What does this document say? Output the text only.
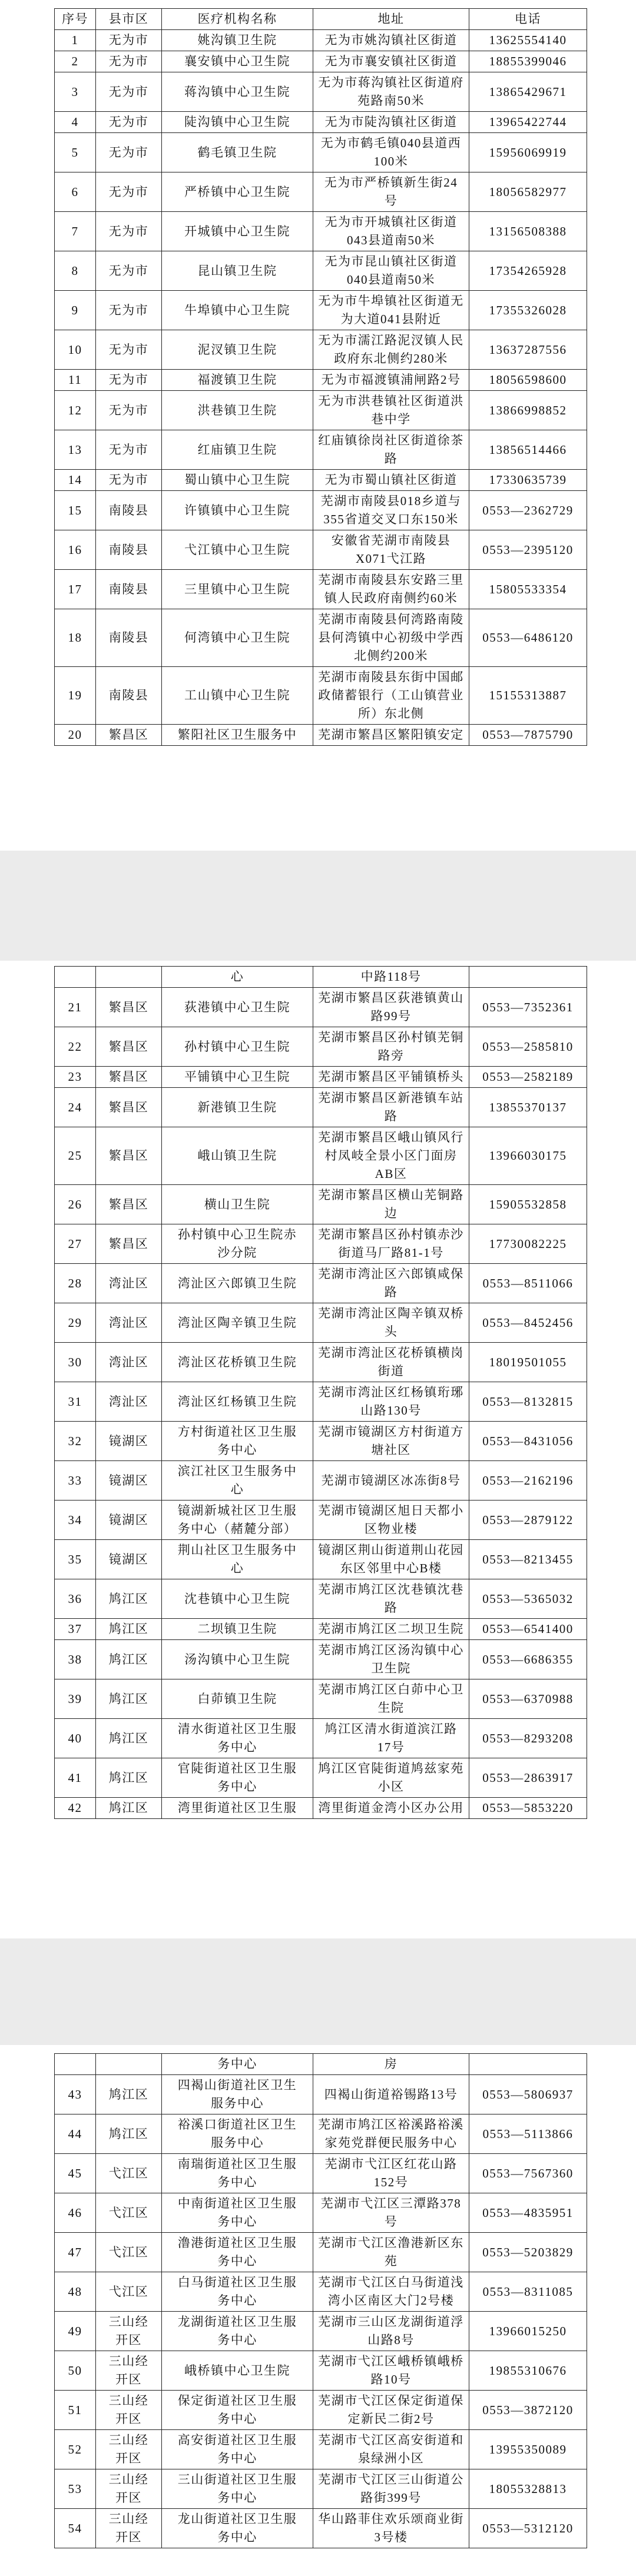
序号	县市区	医疗机构名称	地址	电话
1	无为市	姚沟镇卫生院	无为市姚沟镇社区街道	13625554140
2	无为市	襄安镇中心卫生院	无为市襄安镇社区街道	18855399046
3	无为市	蒋沟镇中心卫生院	无为市蒋沟镇社区街道府苑路南50米	13865429671
4	无为市	陡沟镇中心卫生院	无为市陡沟镇社区街道	13965422744
5	无为市	鹤毛镇卫生院	无为市鹤毛镇040县道西100米	15956069919
6	无为市	严桥镇中心卫生院	无为市严桥镇新生街24号	18056582977
7	无为市	开城镇中心卫生院	无为市开城镇社区街道043县道南50米	13156508388
8	无为市	昆山镇卫生院	无为市昆山镇社区街道040县道南50米	17354265928
9	无为市	牛埠镇中心卫生院	无为市牛埠镇社区街道无为大道041县附近	17355326028
10	无为市	泥汊镇卫生院	无为市濡江路泥汊镇人民政府东北侧约280米	13637287556
11	无为市	福渡镇卫生院	无为市福渡镇浦闸路2号	18056598600
12	无为市	洪巷镇卫生院	无为市洪巷镇社区街道洪巷中学	13866998852
13	无为市	红庙镇卫生院	红庙镇徐岗社区街道徐茶路	13856514466
14	无为市	蜀山镇中心卫生院	无为市蜀山镇社区街道	17330635739
15	南陵县	许镇镇中心卫生院	芜湖市南陵县018乡道与355省道交叉口东150米	0553—2362729
16	南陵县	弋江镇中心卫生院	安徽省芜湖市南陵县X071弋江路	0553—2395120
17	南陵县	三里镇中心卫生院	芜湖市南陵县东安路三里镇人民政府南侧约60米	15805533354
18	南陵县	何湾镇中心卫生院	芜湖市南陵县何湾路南陵县何湾镇中心初级中学西北侧约200米	0553—6486120
19	南陵县	工山镇中心卫生院	芜湖市南陵县东街中国邮政储蓄银行（工山镇营业所）东北侧	15155313887
20	繁昌区	繁阳社区卫生服务中	芜湖市繁昌区繁阳镇安定	0553—7875790
		心	中路118号	
21	繁昌区	荻港镇中心卫生院	芜湖市繁昌区荻港镇黄山路99号	0553—7352361
22	繁昌区	孙村镇中心卫生院	芜湖市繁昌区孙村镇芜铜路旁	0553—2585810
23	繁昌区	平铺镇中心卫生院	芜湖市繁昌区平铺镇桥头	0553—2582189
24	繁昌区	新港镇卫生院	芜湖市繁昌区新港镇车站路	13855370137
25	繁昌区	峨山镇卫生院	芜湖市繁昌区峨山镇风行村凤岐全景小区门面房AB区	13966030175
26	繁昌区	横山卫生院	芜湖市繁昌区横山芜铜路边	15905532858
27	繁昌区	孙村镇中心卫生院赤沙分院	芜湖市繁昌区孙村镇赤沙街道马厂路81-1号	17730082225
28	湾沚区	湾沚区六郎镇卫生院	芜湖市湾沚区六郎镇咸保路	0553—8511066
29	湾沚区	湾沚区陶辛镇卫生院	芜湖市湾沚区陶辛镇双桥头	0553—8452456
30	湾沚区	湾沚区花桥镇卫生院	芜湖市湾沚区花桥镇横岗街道	18019501055
31	湾沚区	湾沚区红杨镇卫生院	芜湖市湾沚区红杨镇珩琊山路130号	0553—8132815
32	镜湖区	方村街道社区卫生服务中心	芜湖市镜湖区方村街道方塘社区	0553—8431056
33	镜湖区	滨江社区卫生服务中心	芜湖市镜湖区冰冻街8号	0553—2162196
34	镜湖区	镜湖新城社区卫生服务中心（赭麓分部）	芜湖市镜湖区旭日天都小区物业楼	0553—2879122
35	镜湖区	荆山社区卫生服务中心	镜湖区荆山街道荆山花园东区邻里中心B楼	0553—8213455
36	鸠江区	沈巷镇中心卫生院	芜湖市鸠江区沈巷镇沈巷路	0553—5365032
37	鸠江区	二坝镇卫生院	芜湖市鸠江区二坝卫生院	0553—6541400
38	鸠江区	汤沟镇中心卫生院	芜湖市鸠江区汤沟镇中心卫生院	0553—6686355
39	鸠江区	白茆镇卫生院	芜湖市鸠江区白茆中心卫生院	0553—6370988
40	鸠江区	清水街道社区卫生服务中心	鸠江区清水街道滨江路17号	0553—8293208
41	鸠江区	官陡街道社区卫生服务中心	鸠江区官陡街道鸠兹家苑小区	0553—2863917
42	鸠江区	湾里街道社区卫生服	湾里街道金湾小区办公用	0553—5853220
		务中心	房	
43	鸠江区	四褐山街道社区卫生服务中心	四褐山街道裕锡路13号	0553—5806937
44	鸠江区	裕溪口街道社区卫生服务中心	芜湖市鸠江区裕溪路裕溪家苑党群便民服务中心	0553—5113866
45	弋江区	南瑞街道社区卫生服务中心	芜湖市弋江区红花山路152号	0553—7567360
46	弋江区	中南街道社区卫生服务中心	芜湖市弋江区三潭路378号	0553—4835951
47	弋江区	澛港街道社区卫生服务中心	芜湖市弋江区澛港新区东苑	0553—5203829
48	弋江区	白马街道社区卫生服务中心	芜湖市弋江区白马街道浅湾小区南区大门2号楼	0553—8311085
49	三山经开区	龙湖街道社区卫生服务中心	芜湖市三山区龙湖街道浮山路8号	13966015250
50	三山经开区	峨桥镇中心卫生院	芜湖市弋江区峨桥镇峨桥路10号	19855310676
51	三山经开区	保定街道社区卫生服务中心	芜湖市弋江区保定街道保定新民二街2号	0553—3872120
52	三山经开区	高安街道社区卫生服务中心	芜湖市弋江区高安街道和泉绿洲小区	13955350089
53	三山经开区	三山街道社区卫生服务中心	芜湖市弋江区三山街道公路街399号	18055328813
54	三山经开区	龙山街道社区卫生服务中心	华山路菲住欢乐颂商业街3号楼	0553—5312120
